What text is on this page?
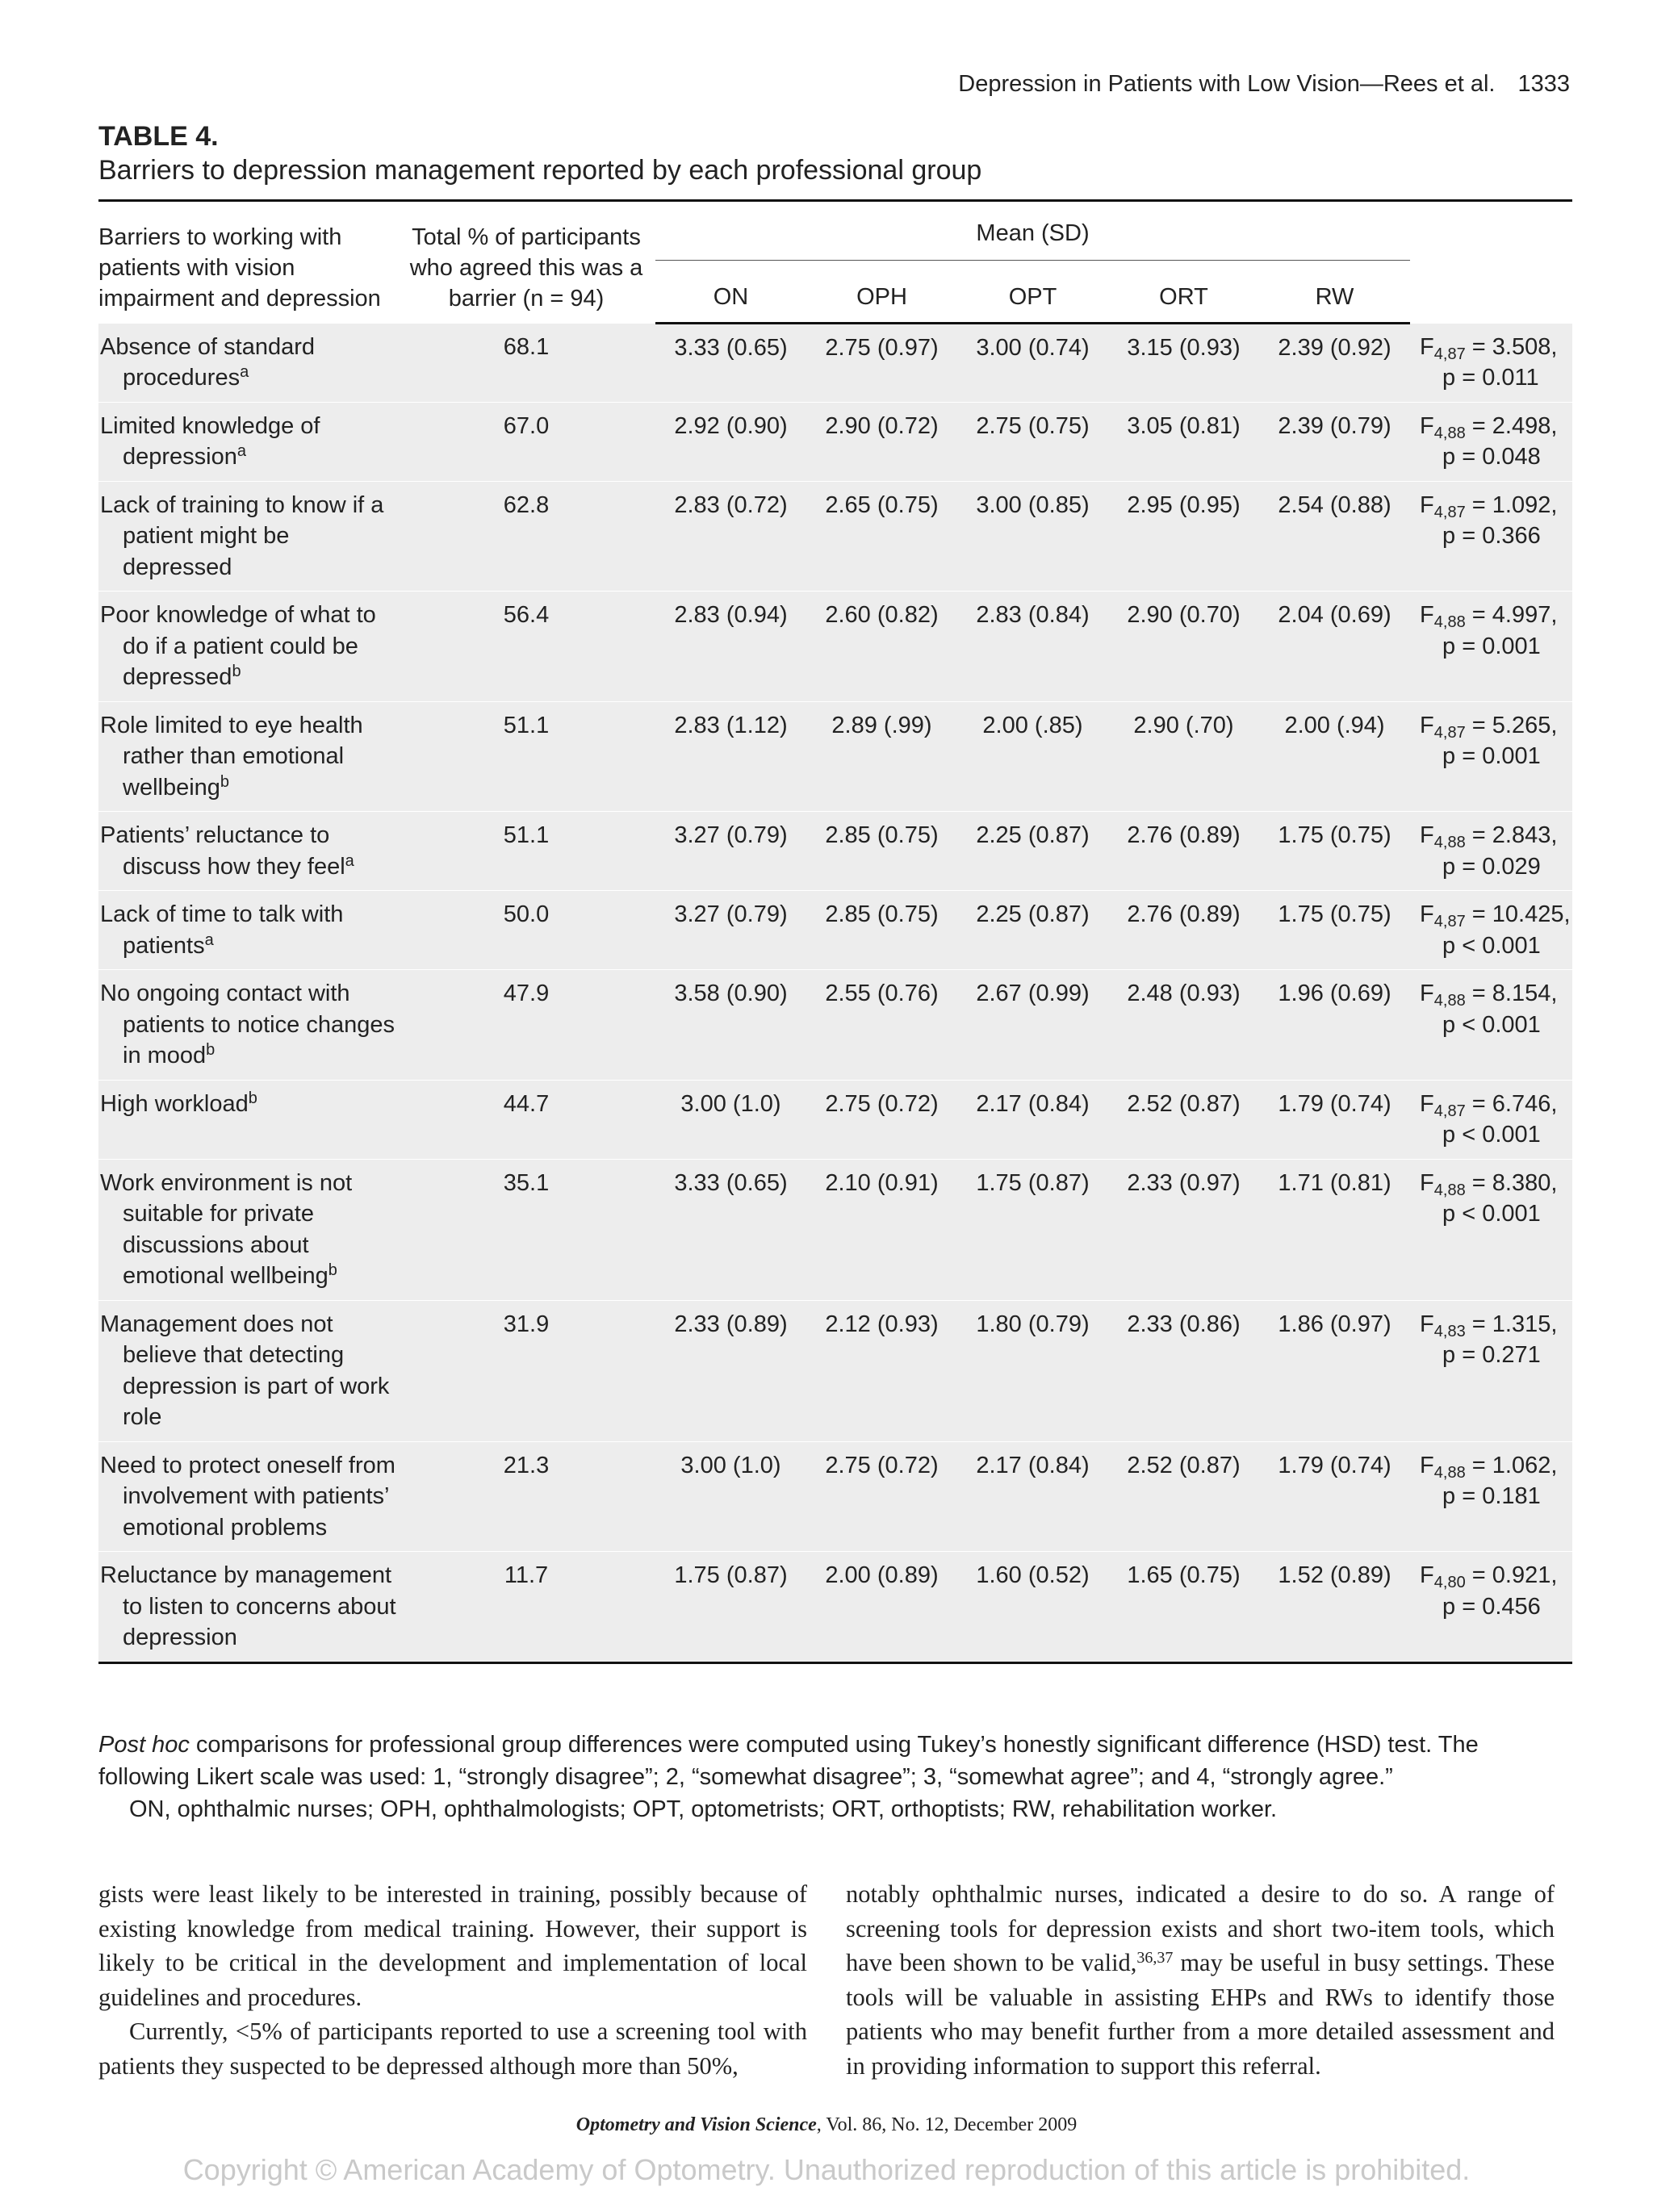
Depression in Patients with Low Vision—Rees et al. 1333
TABLE 4.
Barriers to depression management reported by each professional group
Barriers to working with patients with vision impairment and depression	Total % of participants who agreed this was a barrier (n = 94)	Mean (SD)					

		ON	OPH	OPT	ORT	RW	

Absence of standard procedures$^a$	68.1	3.33 (0.65)	2.75 (0.97)	3.00 (0.74)	3.15 (0.93)	2.39 (0.92)	$F_{4,87} = 3.508$,
p = 0.011

Limited knowledge of depression$^a$	67.0	2.92 (0.90)	2.90 (0.72)	2.75 (0.75)	3.05 (0.81)	2.39 (0.79)	$F_{4,88} = 2.498$,
p = 0.048

Lack of training to know if a patient might be depressed	62.8	2.83 (0.72)	2.65 (0.75)	3.00 (0.85)	2.95 (0.95)	2.54 (0.88)	$F_{4,87} = 1.092$,
p = 0.366

Poor knowledge of what to do if a patient could be depressed$^b$	56.4	2.83 (0.94)	2.60 (0.82)	2.83 (0.84)	2.90 (0.70)	2.04 (0.69)	$F_{4,88} = 4.997$,
p = 0.001

Role limited to eye health rather than emotional wellbeing$^b$	51.1	2.83 (1.12)	2.89 (.99)	2.00 (.85)	2.90 (.70)	2.00 (.94)	$F_{4,87} = 5.265$,
p = 0.001

Patients’ reluctance to discuss how they feel$^a$	51.1	3.27 (0.79)	2.85 (0.75)	2.25 (0.87)	2.76 (0.89)	1.75 (0.75)	$F_{4,88} = 2.843$,
p = 0.029

Lack of time to talk with patients$^a$	50.0	3.27 (0.79)	2.85 (0.75)	2.25 (0.87)	2.76 (0.89)	1.75 (0.75)	$F_{4,87} = 10.425$,
p < 0.001

No ongoing contact with patients to notice changes in mood$^b$	47.9	3.58 (0.90)	2.55 (0.76)	2.67 (0.99)	2.48 (0.93)	1.96 (0.69)	$F_{4,88} = 8.154$,
p < 0.001

High workload$^b$	44.7	3.00 (1.0)	2.75 (0.72)	2.17 (0.84)	2.52 (0.87)	1.79 (0.74)	$F_{4,87} = 6.746$,
p < 0.001

Work environment is not suitable for private discussions about emotional wellbeing$^b$	35.1	3.33 (0.65)	2.10 (0.91)	1.75 (0.87)	2.33 (0.97)	1.71 (0.81)	$F_{4,88} = 8.380$,
p < 0.001

Management does not believe that detecting depression is part of work role	31.9	2.33 (0.89)	2.12 (0.93)	1.80 (0.79)	2.33 (0.86)	1.86 (0.97)	$F_{4,83} = 1.315$,
p = 0.271

Need to protect oneself from involvement with patients’ emotional problems	21.3	3.00 (1.0)	2.75 (0.72)	2.17 (0.84)	2.52 (0.87)	1.79 (0.74)	$F_{4,88} = 1.062$,
p = 0.181

Reluctance by management to listen to concerns about depression	11.7	1.75 (0.87)	2.00 (0.89)	1.60 (0.52)	1.65 (0.75)	1.52 (0.89)	$F_{4,80} = 0.921$,
p = 0.456

Post hoc comparisons for professional group differences were computed using Tukey’s honestly significant difference (HSD) test. The following Likert scale was used: 1, “strongly disagree”; 2, “somewhat disagree”; 3, “somewhat agree”; and 4, “strongly agree.”

ON, ophthalmic nurses; OPH, ophthalmologists; OPT, optometrists; ORT, orthoptists; RW, rehabilitation worker.

gists were least likely to be interested in training, possibly because of existing knowledge from medical training. However, their support is likely to be critical in the development and implementation of local guidelines and procedures.

Currently, <5% of participants reported to use a screening tool with patients they suspected to be depressed although more than 50%,

notably ophthalmic nurses, indicated a desire to do so. A range of screening tools for depression exists and short two-item tools, which have been shown to be valid,$^{36,37}$ may be useful in busy settings. These tools will be valuable in assisting EHPs and RWs to identify those patients who may benefit further from a more detailed assessment and in providing information to support this referral.

Optometry and Vision Science, Vol. 86, No. 12, December 2009
Copyright © American Academy of Optometry. Unauthorized reproduction of this article is prohibited.
